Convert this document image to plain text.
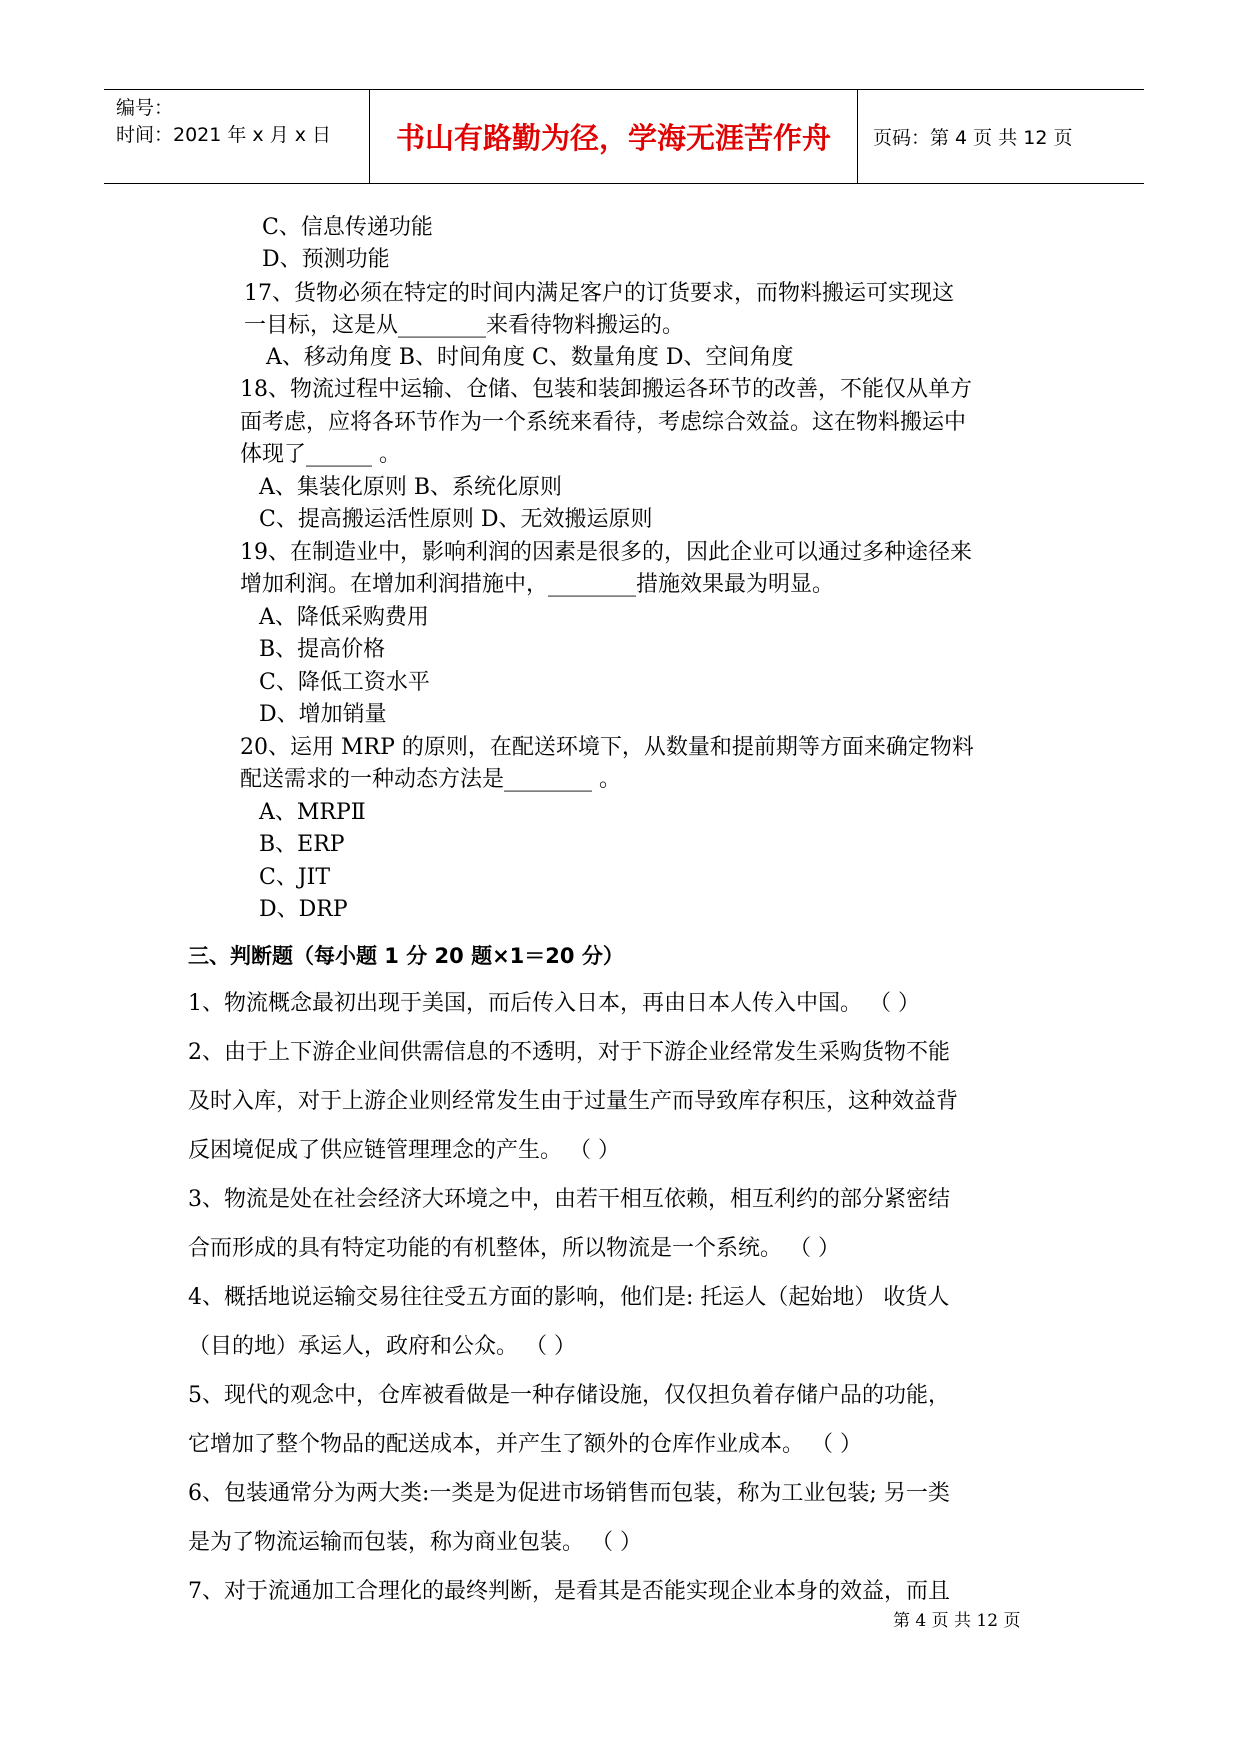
编号：
时间：2021 年 x 月 x 日	书山有路勤为径，学海无涯苦作舟	页码：第 4 页 共 12 页
C、信息传递功能
D、预测功能
17、货物必须在特定的时间内满足客户的订货要求，而物料搬运可实现这
一目标，这是从________来看待物料搬运的。
A、移动角度 B、时间角度 C、数量角度 D、空间角度
18、物流过程中运输、仓储、包装和装卸搬运各环节的改善，不能仅从单方
面考虑，应将各环节作为一个系统来看待，考虑综合效益。这在物料搬运中
体现了______ 。
A、集装化原则 B、系统化原则
C、提高搬运活性原则 D、无效搬运原则
19、在制造业中，影响利润的因素是很多的，因此企业可以通过多种途径来
增加利润。在增加利润措施中，________措施效果最为明显。
A、降低采购费用
B、提高价格
C、降低工资水平
D、增加销量
20、运用 MRP 的原则，在配送环境下，从数量和提前期等方面来确定物料
配送需求的一种动态方法是________ 。
A、MRPⅡ
B、ERP
C、JIT
D、DRP
三、判断题（每小题 1 分 20 题×1＝20 分）
1、物流概念最初出现于美国，而后传入日本，再由日本人传入中国。 （ ）
2、由于上下游企业间供需信息的不透明，对于下游企业经常发生采购货物不能
及时入库，对于上游企业则经常发生由于过量生产而导致库存积压，这种效益背
反困境促成了供应链管理理念的产生。 （ ）
3、物流是处在社会经济大环境之中，由若干相互依赖，相互利约的部分紧密结
合而形成的具有特定功能的有机整体，所以物流是一个系统。 （ ）
4、概括地说运输交易往往受五方面的影响，他们是: 托运人（起始地） 收货人
（目的地）承运人，政府和公众。 （ ）
5、现代的观念中，仓库被看做是一种存储设施，仅仅担负着存储户品的功能，
它增加了整个物品的配送成本，并产生了额外的仓库作业成本。 （ ）
6、包装通常分为两大类:一类是为促进市场销售而包装，称为工业包装; 另一类
是为了物流运输而包装，称为商业包装。 （ ）
7、对于流通加工合理化的最终判断，是看其是否能实现企业本身的效益，而且
第 4 页 共 12 页
